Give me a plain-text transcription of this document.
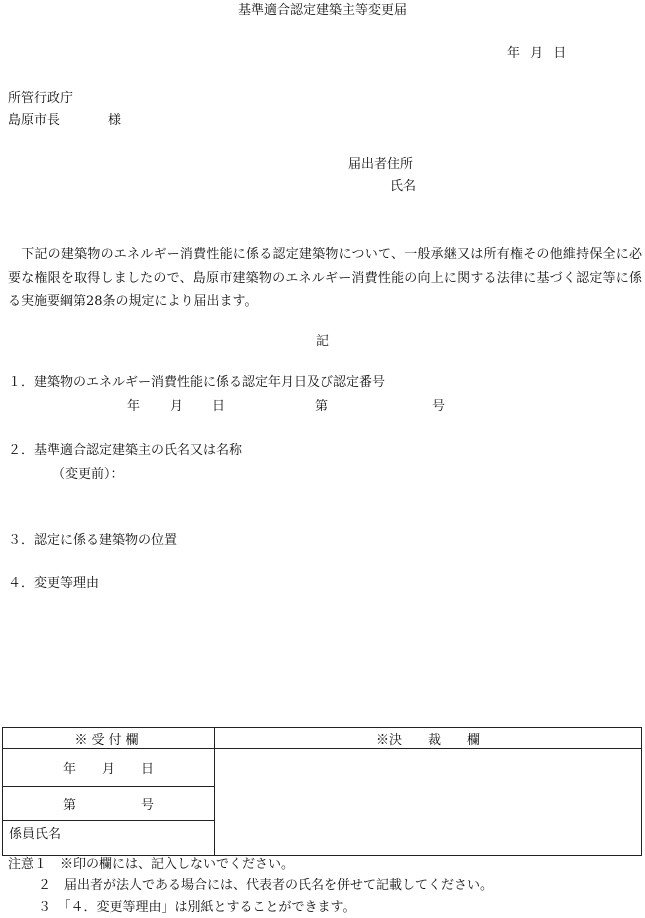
基準適合認定建築主等変更届
年 月 日
所管行政庁
島原市長	様
届出者住所
氏名
　下記の建築物のエネルギー消費性能に係る認定建築物について、一般承継又は所有権その他維持保全に必要な権限を取得しましたので、島原市建築物のエネルギー消費性能の向上に関する法律に基づく認定等に係る実施要綱第28条の規定により届出ます。
記
１．建築物のエネルギー消費性能に係る認定年月日及び認定番号
年 月 日	第	号
２．基準適合認定建築主の氏名又は名称
（変更前）：
３．認定に係る建築物の位置
４．変更等理由
※受付欄	※決　　裁　　欄
年　　月　　日	
第　　　　　号	
係員氏名	
注意１　※印の欄には、記入しないでください。
２　届出者が法人である場合には、代表者の氏名を併せて記載してください。
３　「４．変更等理由」は別紙とすることができます。
